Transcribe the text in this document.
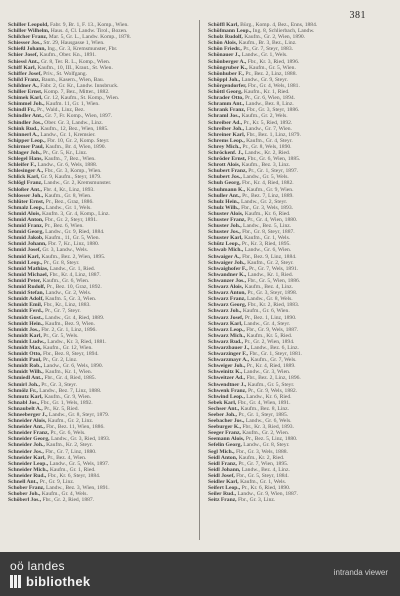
381
Schiller Leopold, Fabr. 9, Br. 1, F. 13., Komp., Wien.
Schiller Wilhelm, Haus. 4, Cl. Landw. Tirol., Bozen.
Schilcher Franz, Mar. 5, Gr. L., Landw. Komp., 1878.
Schiesser Jos., Str. 29, Hausgasse 1, Wien.
Schießl Johann, Ing., Gr. 3, Kremsmunster, Fbr.
Schier Josef, Kaufm., Ober. Kn., 1891.
Schiessl Ant., Gr. 8, Ter. R. L., Komp., Wien.
Schiff Karl, Kaufm., 10, III., Kraut., St. Wien.
Schiffer Josef, Priv., St. Wolfgang.
Schild Franz, Baum., Kasern., Wien, Bau.
Schildner A., Fabr. 2, Gr. Kr., Landw. Innsbruck.
Schiller Ernst, Komp. 7, Bez., Mitter., 1882.
Schimek Karl, Gr. 12, Kaufm., St. Komp., Wien.
Schimmel Joh., Kaufm. 11, Gr. 1, Wien.
Schindl Fr., Pr., Wald., Linz, Bez.
Schindler Ant., Gr. 7, Fr. Komp., Wien, 1897.
Schindler Jos., Ober. Gr. 3, Landw., Linz.
Schink Rud., Kaufm., 12, Bez., Wien, 1885.
Schinnerl A., Landw., Gr. 1, Kremsier.
Schipper Leop., Fbr. 10, Gr. 2, Komp. Steyr.
Schirmer Paul, Kaufm., Br. 4, Wien, 1890.
Schlager Joh., Pr., Gr. 5, Kr., Linz.
Schlegel Hans, Kaufm., 7, Bez., Wien.
Schleifer F., Landw., Gr. 6, Wels, 1888.
Schlesinger A., Fbr., Gr. 3, Komp., Wien.
Schlick Karl, Gr. 9, Kaufm., Steyr, 1879.
Schlögl Franz, Landw., Gr. 2, Kremsmunster.
Schloßer Ant., Fbr. 4, Kr., Linz, 1893.
Schlosser Joh., Kaufm., Gr. 8, Wien.
Schlüter Ernst, Pr., Bez., Graz, 1886.
Schmalz Leop., Landw., Gr. 1, Wels.
Schmid Alois, Kaufm. 3, Gr. 4, Komp., Linz.
Schmid Anton, Fbr., Gr. 2, Steyr, 1891.
Schmid Franz, Pr., Bez. 6, Wien.
Schmid Georg, Landw., Gr. 9, Ried, 1884.
Schmid Jakob, Kaufm., 11, Gr. 5, Wien.
Schmid Johann, Fbr. 7, Kr., Linz, 1880.
Schmid Josef, Gr. 3, Landw., Wels.
Schmid Karl, Kaufm., Bez. 2, Wien, 1895.
Schmid Leop., Pr., Gr. 8, Steyr.
Schmid Mathias, Landw., Gr. 1, Ried.
Schmid Michael, Fbr., Kr. 4, Linz, 1887.
Schmid Peter, Kaufm., Gr. 6, Wien.
Schmid Rudolf, Pr., Bez. 10, Graz, 1892.
Schmid Stefan, Landw., Gr. 2, Wels.
Schmidt Adolf, Kaufm. 5, Gr. 3, Wien.
Schmidt Emil, Fbr., Kr., Linz, 1883.
Schmidt Ferd., Pr., Gr. 7, Steyr.
Schmidt Gust., Landw., Gr. 4, Ried, 1889.
Schmidt Hein., Kaufm., Bez. 9, Wien.
Schmidt Jos., Fbr. 2, Gr. 1, Linz, 1896.
Schmidt Karl, Pr., Gr. 5, Wels.
Schmidt Ludw., Landw., Kr. 3, Ried, 1881.
Schmidt Max, Kaufm., Gr. 12, Wien.
Schmidt Otto, Fbr., Bez. 8, Steyr, 1894.
Schmidt Paul, Pr., Gr. 2, Linz.
Schmidt Rob., Landw., Gr. 6, Wels, 1890.
Schmidt Wilh., Kaufm., Kr. 1, Wien.
Schmiedl Ant., Fbr., Gr. 4, Ried, 1885.
Schmirl Joh., Pr., Gr. 3, Steyr.
Schmölz Fr., Landw., Bez. 7, Linz, 1888.
Schmutz Karl, Kaufm., Gr. 9, Wien.
Schnabl Jos., Fbr., Gr. 1, Wels, 1892.
Schnaubelt A., Pr., Kr. 5, Ried.
Schneeberger J., Landw., Gr. 8, Steyr, 1879.
Schneider Alois, Kaufm., Gr. 2, Linz.
Schneider Ant., Fbr., Bez. 11, Wien, 1886.
Schneider Franz, Pr., Gr. 6, Wels.
Schneider Georg, Landw., Gr. 3, Ried, 1893.
Schneider Joh., Kaufm., Kr. 2, Steyr.
Schneider Jos., Fbr., Gr. 7, Linz, 1880.
Schneider Karl, Pr., Bez. 4, Wien.
Schneider Leop., Landw., Gr. 5, Wels, 1897.
Schneider Mich., Kaufm., Gr. 1, Ried.
Schneider Rud., Fbr., Kr. 6, Steyr, 1884.
Schnell Ant., Pr., Gr. 9, Linz.
Schober Franz, Landw., Bez. 3, Wien, 1891.
Schober Joh., Kaufm., Gr. 4, Wels.
Schöberl Jos., Fbr., Gr. 2, Ried, 1887.
Schöffl Karl, Bürg., Komp. 4, Bez., Enns, 1884.
Schöfmann Leop., Ing. 8, Schlierbach, Landw.
Scholz Rudolf, Kaufm., Gr. 2, Wien, 1890.
Schön Alois, Kaufm., Br. 3, Bez., Linz.
Schön Friedr., Pr., Gr. 7, Steyr, 1883.
Schönauer J., Landw., Gr. 1, Wels.
Schönberger A., Fbr., Kr. 3, Ried, 1896.
Schöngruber K., Kaufm., Gr. 5, Wien.
Schönhuber F., Pr., Bez. 2, Linz, 1888.
Schöppl Joh., Landw., Gr. 9, Steyr.
Schörgendorfer, Fbr., Gr. 4, Wels, 1881.
Schöttl Georg, Kaufm., Kr. 1, Ried.
Schrader Otto, Pr., Gr. 6, Wien, 1894.
Schramm Ant., Landw., Bez. 8, Linz.
Schrank Franz, Fbr., Gr. 3, Steyr, 1886.
Schraml Jos., Kaufm., Gr. 2, Wels.
Schreiber Ad., Pr., Kr. 5, Ried, 1892.
Schreiber Joh., Landw., Gr. 7, Wien.
Schreiner Karl, Fbr., Bez. 1, Linz, 1879.
Schrems Leop., Kaufm., Gr. 4, Steyr.
Schrey Mich., Pr., Gr. 8, Wels, 1890.
Schröckenf. J., Landw., Kr. 2, Ried.
Schröder Ernst, Fbr., Gr. 6, Wien, 1885.
Schrott Alois, Kaufm., Bez. 3, Linz.
Schubert Franz, Pr., Gr. 1, Steyr, 1897.
Schubert Jos., Landw., Gr. 5, Wels.
Schuh Georg, Fbr., Kr. 4, Ried, 1882.
Schuhmann K., Kaufm., Gr. 9, Wien.
Schuller Ant., Pr., Bez. 7, Linz, 1889.
Schulz Hein., Landw., Gr. 2, Steyr.
Schulz Wilh., Fbr., Gr. 3, Wels, 1893.
Schuster Alois, Kaufm., Kr. 6, Ried.
Schuster Franz, Pr., Gr. 4, Wien, 1880.
Schuster Joh., Landw., Bez. 5, Linz.
Schuster Jos., Fbr., Gr. 8, Steyr, 1887.
Schuster Karl, Kaufm., Gr. 1, Wels.
Schütz Leop., Pr., Kr. 3, Ried, 1895.
Schwab Mich., Landw., Gr. 6, Wien.
Schwaiger A., Fbr., Bez. 9, Linz, 1884.
Schwaiger Joh., Kaufm., Gr. 2, Steyr.
Schwaighofer F., Pr., Gr. 7, Wels, 1891.
Schwandner K., Landw., Kr. 1, Ried.
Schwanzer Jos., Fbr., Gr. 5, Wien, 1886.
Schwarz Alois, Kaufm., Bez. 4, Linz.
Schwarz Anton, Pr., Gr. 3, Steyr, 1898.
Schwarz Franz, Landw., Gr. 8, Wels.
Schwarz Georg, Fbr., Kr. 2, Ried, 1883.
Schwarz Joh., Kaufm., Gr. 6, Wien.
Schwarz Josef, Pr., Bez. 1, Linz, 1890.
Schwarz Karl, Landw., Gr. 4, Steyr.
Schwarz Leop., Fbr., Gr. 9, Wels, 1887.
Schwarz Mich., Kaufm., Kr. 5, Ried.
Schwarz Rud., Pr., Gr. 2, Wien, 1894.
Schwarzbauer J., Landw., Bez. 6, Linz.
Schwarzinger F., Fbr., Gr. 1, Steyr, 1881.
Schwarzmayr A., Kaufm., Gr. 7, Wels.
Schweiger Joh., Pr., Kr. 4, Ried, 1889.
Schweinitz K., Landw., Gr. 3, Wien.
Schweitzer Ad., Fbr., Bez. 2, Linz, 1896.
Schwendtner J., Kaufm., Gr. 5, Steyr.
Schwenk Franz, Pr., Gr. 9, Wels, 1882.
Schwind Leop., Landw., Kr. 6, Ried.
Sebek Karl, Fbr., Gr. 4, Wien, 1891.
Sechser Ant., Kaufm., Bez. 8, Linz.
Seeber Joh., Pr., Gr. 1, Steyr, 1885.
Seebacher Jos., Landw., Gr. 6, Wels.
Seeburger K., Fbr., Kr. 3, Ried, 1893.
Seeger Franz, Kaufm., Gr. 2, Wien.
Seemann Alois, Pr., Bez. 5, Linz, 1880.
Sefelin Georg, Landw., Gr. 8, Steyr.
Segl Mich., Fbr., Gr. 3, Wels, 1888.
Seidl Anton, Kaufm., Kr. 2, Ried.
Seidl Franz, Pr., Gr. 7, Wien, 1895.
Seidl Johann, Landw., Bez. 4, Linz.
Seidl Josef, Fbr., Gr. 5, Steyr, 1884.
Seidler Karl, Kaufm., Gr. 1, Wels.
Seifert Leop., Pr., Kr. 6, Ried, 1890.
Seiler Rud., Landw., Gr. 9, Wien, 1887.
Seitz Franz, Fbr., Gr. 3, Linz.
oö landes
bibliothek
intranda viewer
